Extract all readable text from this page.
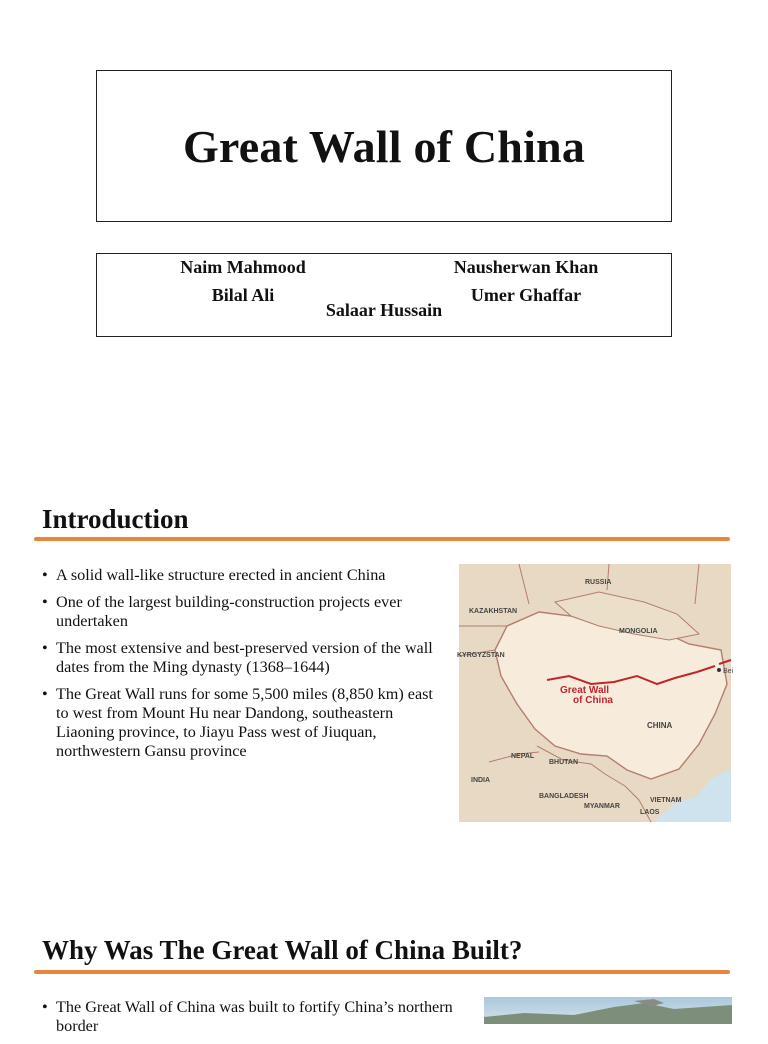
Great Wall of China
Naim Mahmood	Nausherwan Khan
Bilal Ali	Umer Ghaffar
Salaar Hussain
Introduction
• A solid wall-like structure erected in ancient China
• One of the largest building-construction projects ever undertaken
• The most extensive and best-preserved version of the wall dates from the Ming dynasty (1368–1644)
• The Great Wall runs for some 5,500 miles (8,850 km) east to west from Mount Hu near Dandong, southeastern Liaoning province, to Jiayu Pass west of Jiuquan, northwestern Gansu province
RUSSIA
KAZAKHSTAN
MONGOLIA
KYRGYZSTAN
CHINA
NEPAL
BHUTAN
INDIA
BANGLADESH
MYANMAR
VIETNAM
LAOS
Bei
Great Wall
of China
Why Was The Great Wall of China Built?
• The Great Wall of China was built to fortify China’s northern border
